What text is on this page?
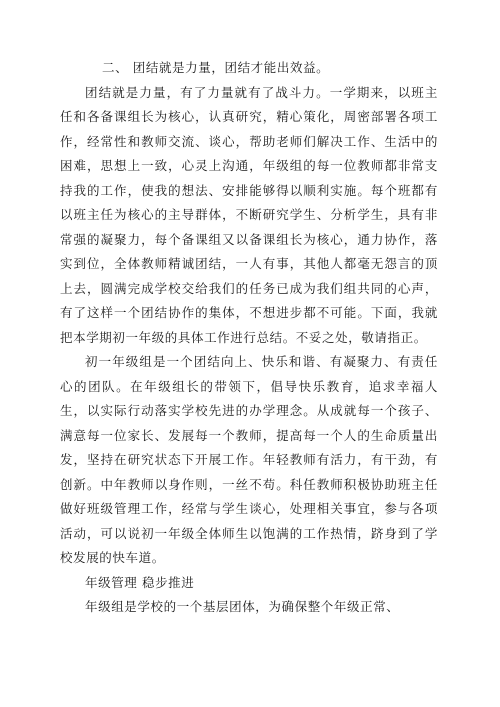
二、 团结就是力量，团结才能出效益。

团结就是力量，有了力量就有了战斗力。一学期来，以班主任和各备课组长为核心，认真研究，精心策化，周密部署各项工作，经常性和教师交流、谈心，帮助老师们解决工作、生活中的困难，思想上一致，心灵上沟通，年级组的每一位教师都非常支持我的工作，使我的想法、安排能够得以顺利实施。每个班都有以班主任为核心的主导群体，不断研究学生、分析学生，具有非常强的凝聚力，每个备课组又以备课组长为核心，通力协作，落实到位，全体教师精诚团结，一人有事，其他人都毫无怨言的顶上去，圆满完成学校交给我们的任务已成为我们组共同的心声，有了这样一个团结协作的集体，不想进步都不可能。下面，我就把本学期初一年级的具体工作进行总结。不妥之处，敬请指正。

初一年级组是一个团结向上、快乐和谐、有凝聚力、有责任心的团队。在年级组长的带领下，倡导快乐教育，追求幸福人生，以实际行动落实学校先进的办学理念。从成就每一个孩子、满意每一位家长、发展每一个教师，提高每一个人的生命质量出发，坚持在研究状态下开展工作。年轻教师有活力，有干劲，有创新。中年教师以身作则，一丝不苟。科任教师积极协助班主任做好班级管理工作，经常与学生谈心，处理相关事宜，参与各项活动，可以说初一年级全体师生以饱满的工作热情，跻身到了学校发展的快车道。

年级管理 稳步推进

年级组是学校的一个基层团体，为确保整个年级正常、
